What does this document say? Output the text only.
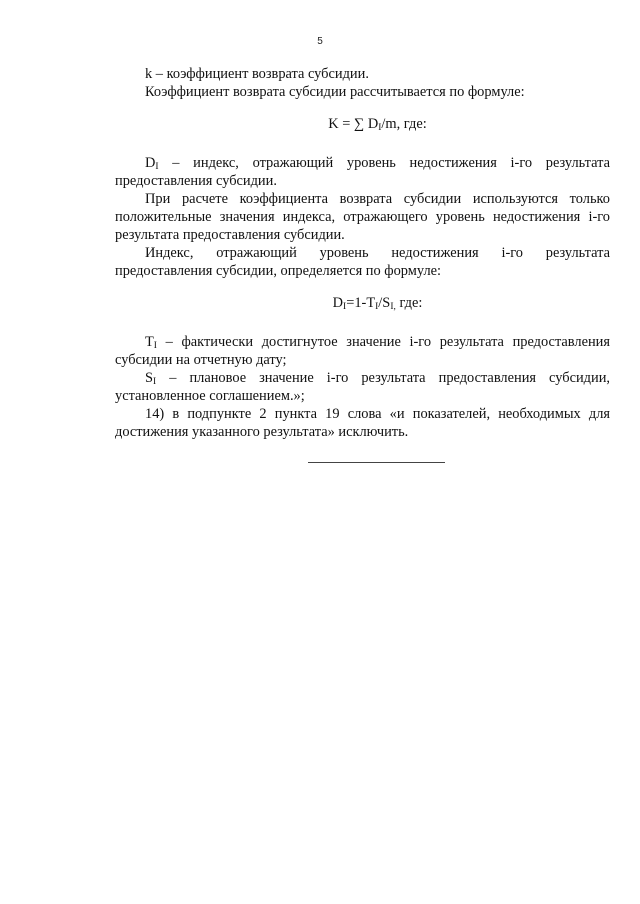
5

k – коэффициент возврата субсидии.

Коэффициент возврата субсидии рассчитывается по формуле:

K = ∑ $D_I/m$, где:

$D_I$ – индекс, отражающий уровень недостижения i-го результата предоставления субсидии.

При расчете коэффициента возврата субсидии используются только положительные значения индекса, отражающего уровень недостижения i-го результата предоставления субсидии.

Индекс, отражающий уровень недостижения i-го результата предоставления субсидии, определяется по формуле:

$D_I=1-T_I/S_{I,}$ где:

$T_I$ – фактически достигнутое значение i-го результата предоставления субсидии на отчетную дату;

$S_I$ – плановое значение i-го результата предоставления субсидии, установленное соглашением.»;

14) в подпункте 2 пункта 19 слова «и показателей, необходимых для достижения указанного результата» исключить.
